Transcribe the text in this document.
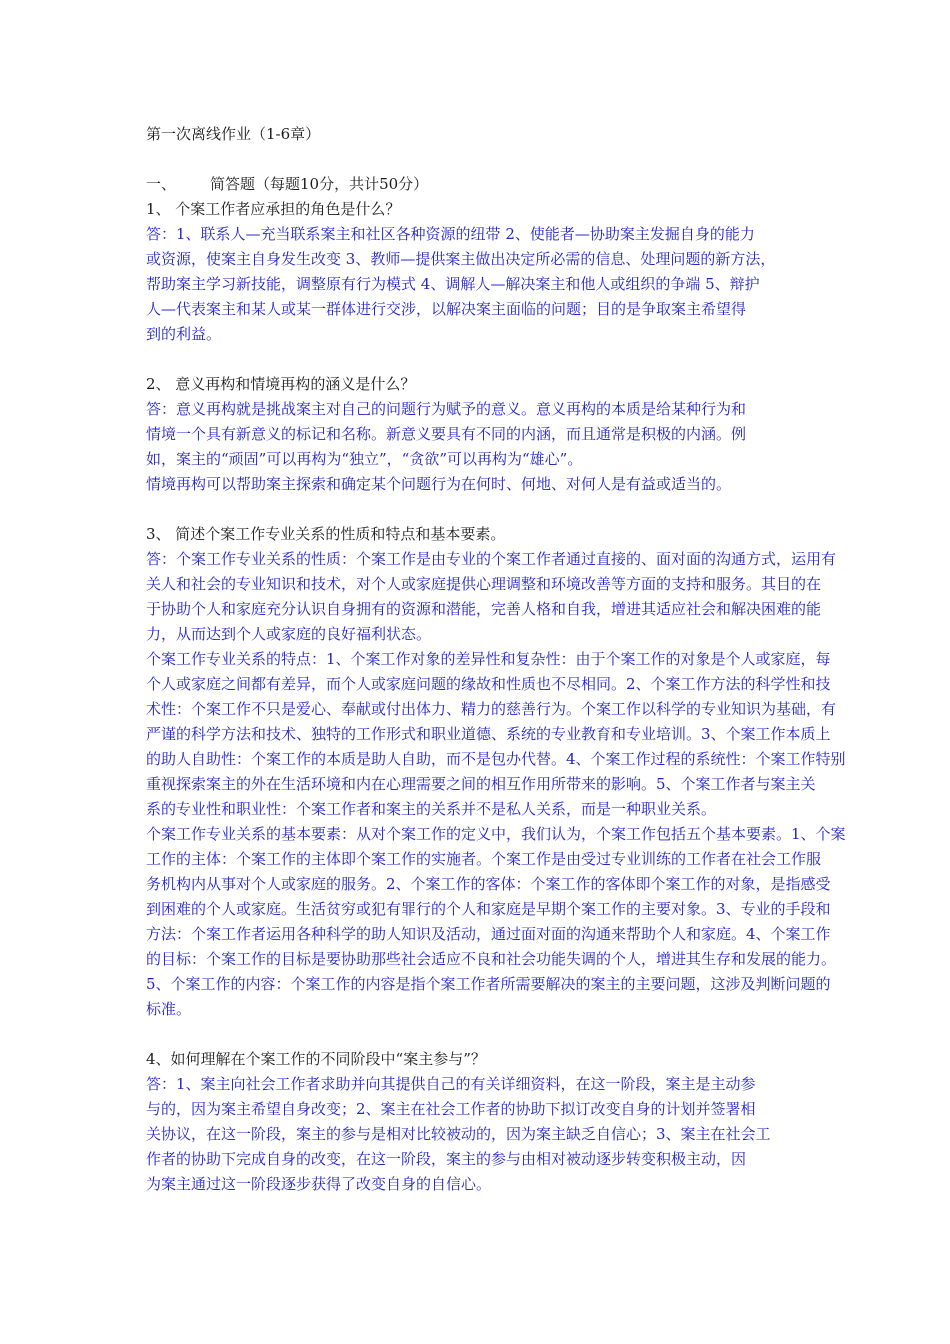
第一次离线作业（1-6章）
一、 简答题（每题10分，共计50分）
1、 个案工作者应承担的角色是什么？
答：1、联系人—充当联系案主和社区各种资源的纽带 2、使能者—协助案主发掘自身的能力
或资源，使案主自身发生改变 3、教师—提供案主做出决定所必需的信息、处理问题的新方法，
帮助案主学习新技能，调整原有行为模式 4、调解人—解决案主和他人或组织的争端 5、辩护
人—代表案主和某人或某一群体进行交涉，以解决案主面临的问题；目的是争取案主希望得
到的利益。
2、 意义再构和情境再构的涵义是什么？
答：意义再构就是挑战案主对自己的问题行为赋予的意义。意义再构的本质是给某种行为和
情境一个具有新意义的标记和名称。新意义要具有不同的内涵，而且通常是积极的内涵。例
如，案主的“顽固”可以再构为“独立”，“贪欲”可以再构为“雄心”。
情境再构可以帮助案主探索和确定某个问题行为在何时、何地、对何人是有益或适当的。
3、 简述个案工作专业关系的性质和特点和基本要素。
答：个案工作专业关系的性质：个案工作是由专业的个案工作者通过直接的、面对面的沟通方式，运用有
关人和社会的专业知识和技术，对个人或家庭提供心理调整和环境改善等方面的支持和服务。其目的在
于协助个人和家庭充分认识自身拥有的资源和潜能，完善人格和自我，增进其适应社会和解决困难的能
力，从而达到个人或家庭的良好福利状态。
个案工作专业关系的特点：1、个案工作对象的差异性和复杂性：由于个案工作的对象是个人或家庭，每
个人或家庭之间都有差异，而个人或家庭问题的缘故和性质也不尽相同。2、个案工作方法的科学性和技
术性：个案工作不只是爱心、奉献或付出体力、精力的慈善行为。个案工作以科学的专业知识为基础，有
严谨的科学方法和技术、独特的工作形式和职业道德、系统的专业教育和专业培训。3、个案工作本质上
的助人自助性：个案工作的本质是助人自助，而不是包办代替。4、个案工作过程的系统性：个案工作特别
重视探索案主的外在生活环境和内在心理需要之间的相互作用所带来的影响。5、个案工作者与案主关
系的专业性和职业性：个案工作者和案主的关系并不是私人关系，而是一种职业关系。
个案工作专业关系的基本要素：从对个案工作的定义中，我们认为，个案工作包括五个基本要素。1、个案
工作的主体：个案工作的主体即个案工作的实施者。个案工作是由受过专业训练的工作者在社会工作服
务机构内从事对个人或家庭的服务。2、个案工作的客体：个案工作的客体即个案工作的对象，是指感受
到困难的个人或家庭。生活贫穷或犯有罪行的个人和家庭是早期个案工作的主要对象。3、专业的手段和
方法：个案工作者运用各种科学的助人知识及活动，通过面对面的沟通来帮助个人和家庭。4、个案工作
的目标：个案工作的目标是要协助那些社会适应不良和社会功能失调的个人，增进其生存和发展的能力。
5、个案工作的内容：个案工作的内容是指个案工作者所需要解决的案主的主要问题，这涉及判断问题的
标准。
4、如何理解在个案工作的不同阶段中“案主参与”？
答：1、案主向社会工作者求助并向其提供自己的有关详细资料，在这一阶段，案主是主动参
与的，因为案主希望自身改变；2、案主在社会工作者的协助下拟订改变自身的计划并签署相
关协议，在这一阶段，案主的参与是相对比较被动的，因为案主缺乏自信心；3、案主在社会工
作者的协助下完成自身的改变，在这一阶段，案主的参与由相对被动逐步转变积极主动，因
为案主通过这一阶段逐步获得了改变自身的自信心。
